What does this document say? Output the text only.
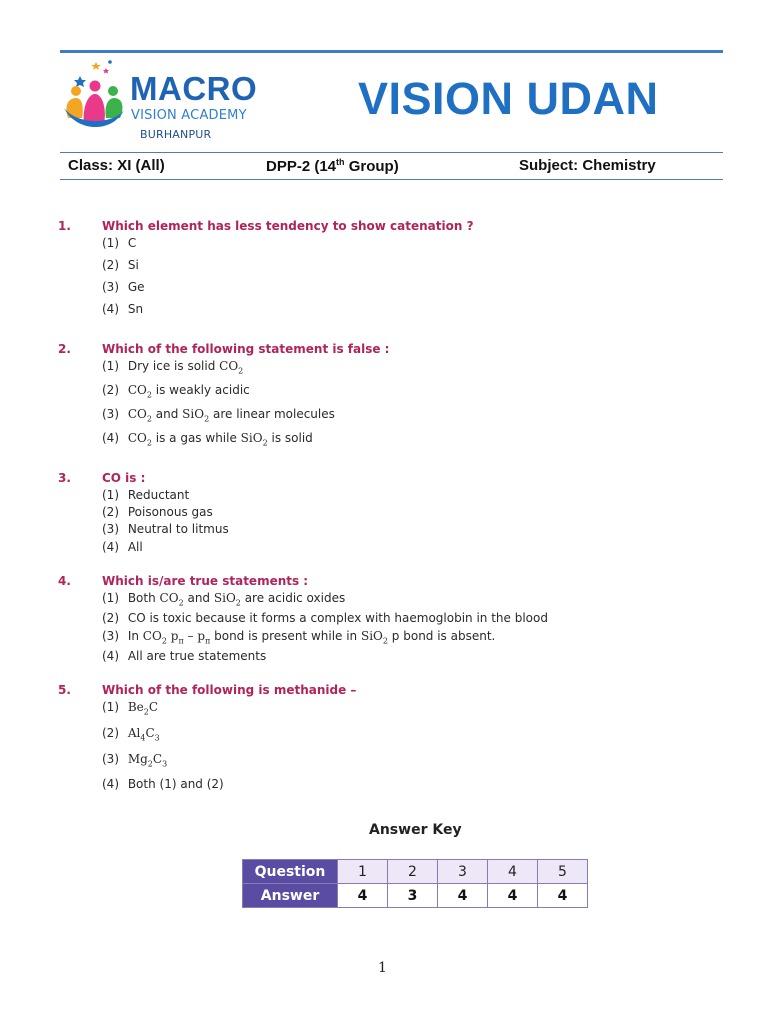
MACRO
VISION ACADEMY
BURHANPUR
VISION UDAN
Class: XI (All)	DPP-2 (14th Group)	Subject: Chemistry
1.	Which element has less tendency to show catenation ?
(1) C
(2) Si
(3) Ge
(4) Sn
2.	Which of the following statement is false :
(1) Dry ice is solid $CO_2$
(2) $CO_2$ is weakly acidic
(3) $CO_2$ and SiO$_2$ are linear molecules
(4) $CO_2$ is a gas while SiO$_2$ is solid
3.	CO is :
(1) Reductant
(2) Poisonous gas
(3) Neutral to litmus
(4) All
4.	Which is/are true statements :
(1) Both $CO_2$ and SiO$_2$ are acidic oxides
(2) CO is toxic because it forms a complex with haemoglobin in the blood
(3) In $CO_2$ $p_\pi - p_\pi$ bond is present while in SiO$_2$ p bond is absent.
(4) All are true statements
5.	Which of the following is methanide –
(1) $Be_2C$
(2) $Al_4C_3$
(3) $Mg_2C_3$
(4) Both (1) and (2)
Answer Key
Question	1	2	3	4	5
Answer	4	3	4	4	4
1
